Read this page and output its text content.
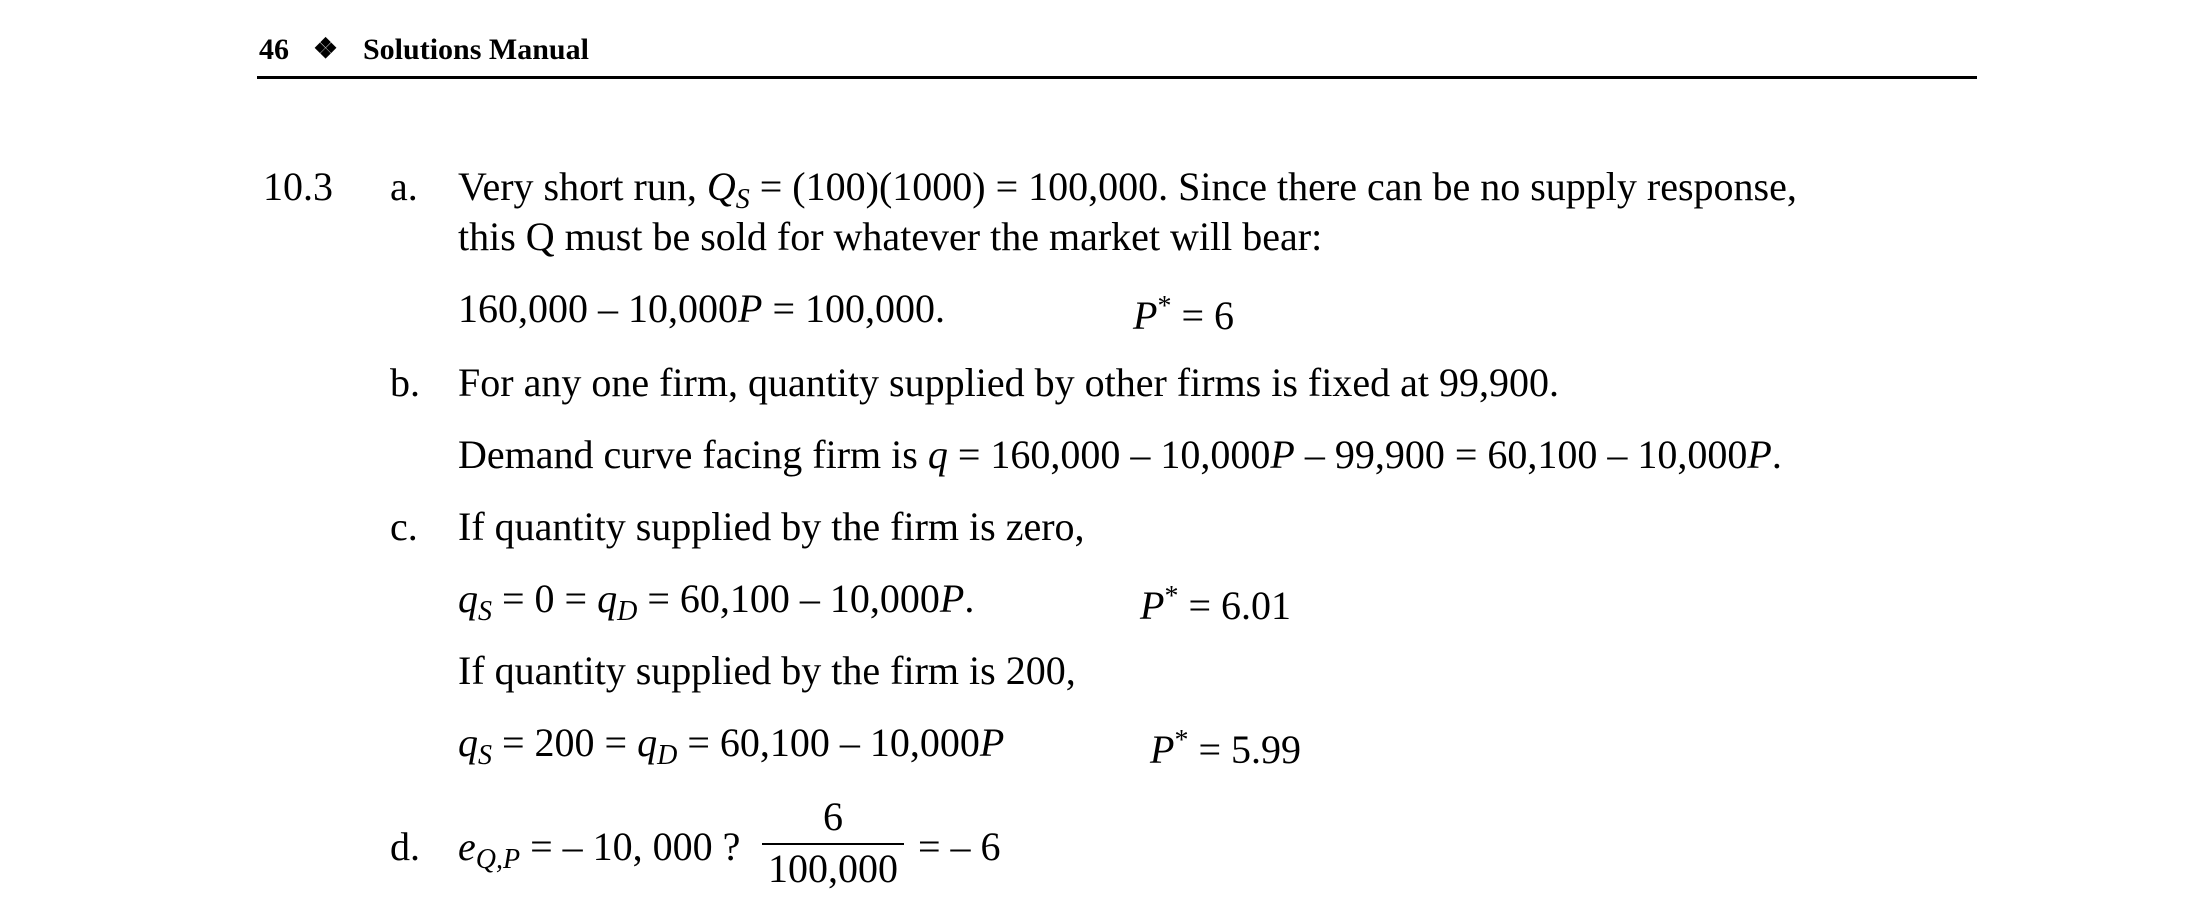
46 ❖ Solutions Manual
10.3 a. Very short run, $Q_S = (100)(1000) = 100,000$. Since there can be no supply response,
this Q must be sold for whatever the market will bear:
160,000 – 10,000P = 100,000.	P* = 6
b. For any one firm, quantity supplied by other firms is fixed at 99,900.
Demand curve facing firm is q = 160,000 – 10,000P – 99,900 = 60,100 – 10,000P.
c. If quantity supplied by the firm is zero,
$q_S = 0 = q_D = 60,100 - 10,000P$.	P* = 6.01
If quantity supplied by the firm is 200,
$q_S = 200 = q_D = 60,100 - 10,000P$	P* = 5.99
d. $e_{Q,P}$ = – 10, 000 ?
6
100,000 = – 6
